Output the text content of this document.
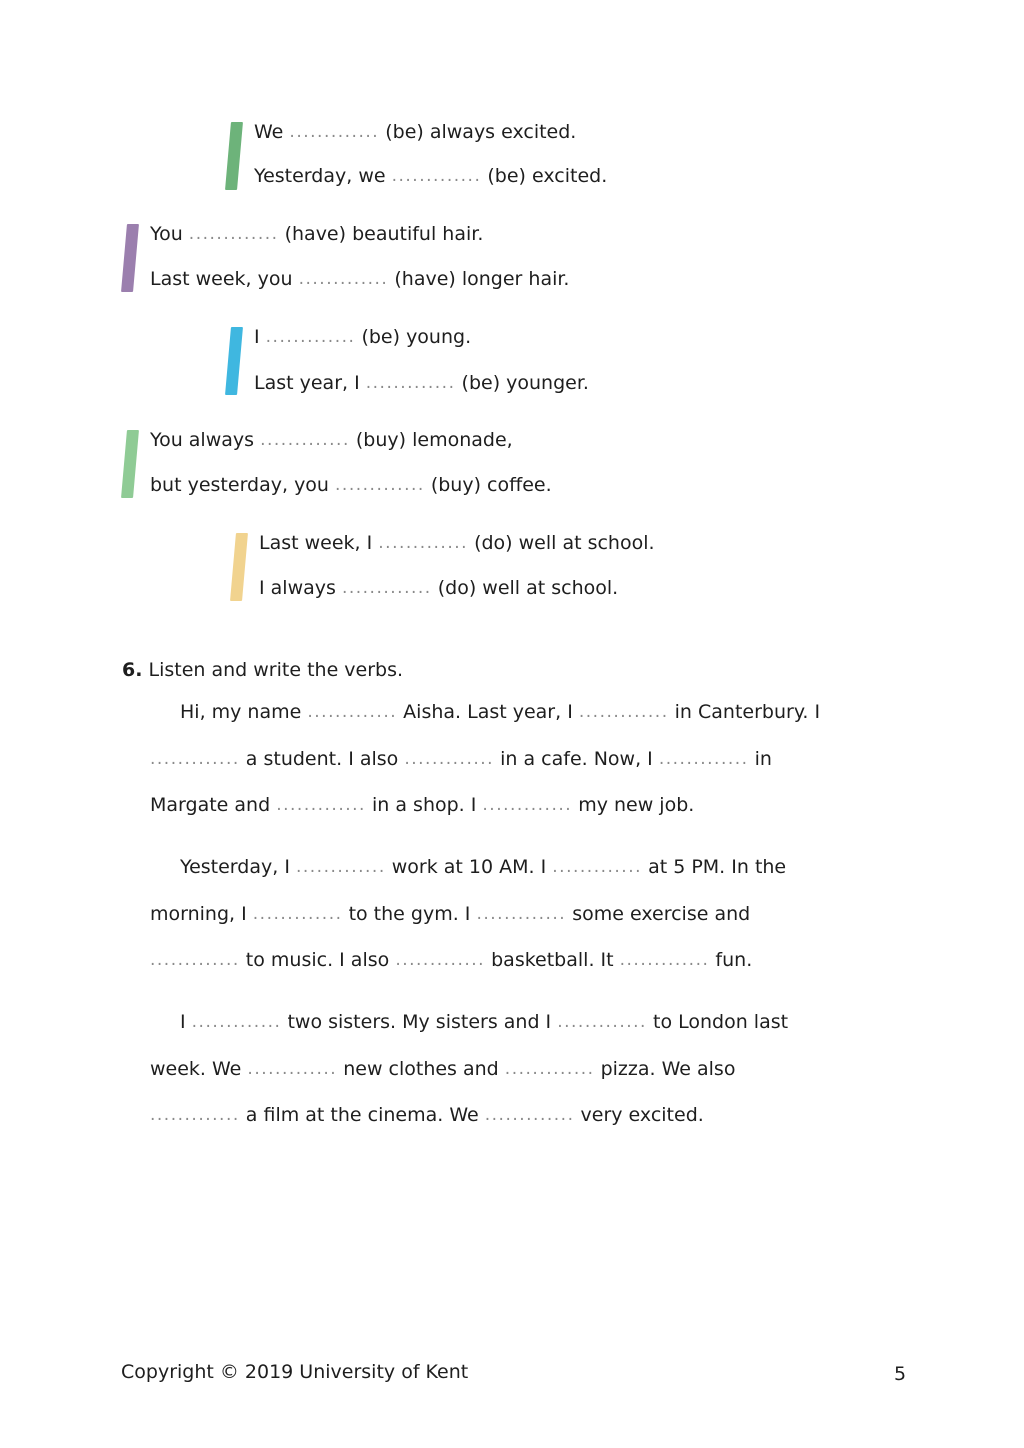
We ............. (be) always excited.
Yesterday, we ............. (be) excited.
You ............. (have) beautiful hair.
Last week, you ............. (have) longer hair.
I ............. (be) young.
Last year, I ............. (be) younger.
You always ............. (buy) lemonade,
but yesterday, you ............. (buy) coffee.
Last week, I ............. (do) well at school.
I always ............. (do) well at school.
6. Listen and write the verbs.
Hi, my name ............. Aisha. Last year, I ............. in Canterbury. I
............. a student. I also ............. in a cafe. Now, I ............. in
Margate and ............. in a shop. I ............. my new job.
Yesterday, I ............. work at 10 AM. I ............. at 5 PM. In the
morning, I ............. to the gym. I ............. some exercise and
............. to music. I also ............. basketball. It ............. fun.
I ............. two sisters. My sisters and I ............. to London last
week. We ............. new clothes and ............. pizza. We also
............. a film at the cinema. We ............. very excited.
Copyright © 2019 University of Kent	5
